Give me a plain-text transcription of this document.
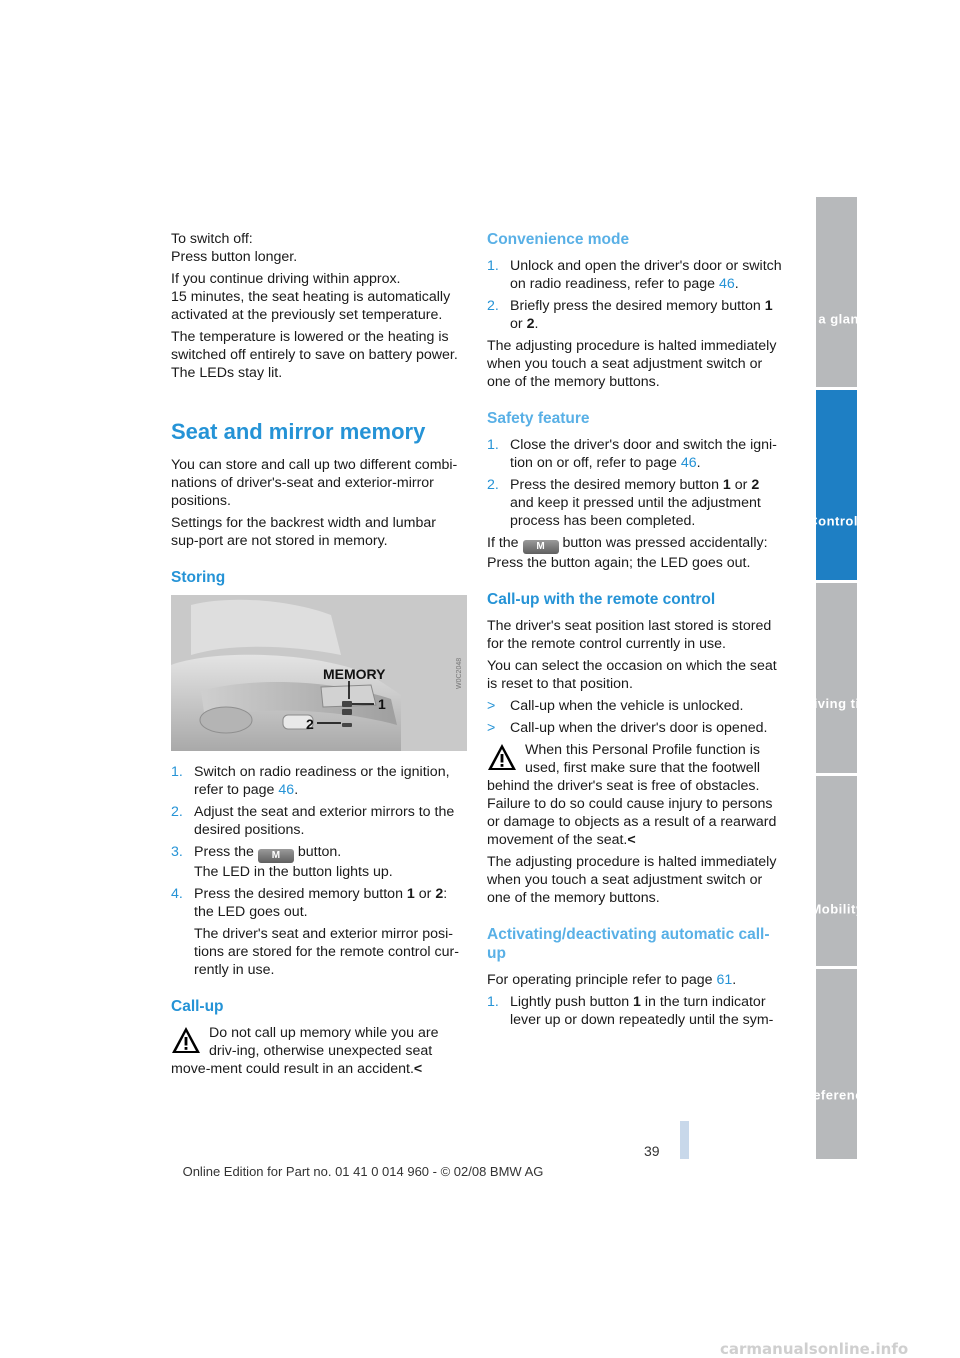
To switch off:

Press button longer.

If you continue driving within approx.
15 minutes, the seat heating is automatically activated at the previously set temperature.

The temperature is lowered or the heating is switched off entirely to save on battery power. The LEDs stay lit.

Seat and mirror memory

You can store and call up two different combi-nations of driver's-seat and exterior-mirror positions.

Settings for the backrest width and lumbar sup-port are not stored in memory.

Storing
MEMORY
1
2
W0C2048
1. Switch on radio readiness or the ignition, refer to page 46.
2. Adjust the seat and exterior mirrors to the desired positions.
3. Press the M button.
The LED in the button lights up.
4. Press the desired memory button 1 or 2: the LED goes out.
The driver's seat and exterior mirror posi-tions are stored for the remote control cur-rently in use.
Call-up
Do not call up memory while you are driv-ing, otherwise unexpected seat move-ment could result in an accident.<
Convenience mode
1. Unlock and open the driver's door or switch on radio readiness, refer to page 46.
2. Briefly press the desired memory button 1
or 2.

The adjusting procedure is halted immediately when you touch a seat adjustment switch or one of the memory buttons.

Safety feature
1. Close the driver's door and switch the igni-tion on or off, refer to page 46.
2. Press the desired memory button 1 or 2
and keep it pressed until the adjustment process has been completed.

If the M button was pressed accidentally: Press the button again; the LED goes out.

Call-up with the remote control

The driver's seat position last stored is stored for the remote control currently in use.

You can select the occasion on which the seat is reset to that position.

> Call-up when the vehicle is unlocked.
> Call-up when the driver's door is opened.
When this Personal Profile function is used, first make sure that the footwell behind the driver's seat is free of obstacles. Failure to do so could cause injury to persons or damage to objects as a result of a rearward movement of the seat.<

The adjusting procedure is halted immediately when you touch a seat adjustment switch or one of the memory buttons.

Activating/deactivating automatic call-up

For operating principle refer to page 61.

1. Lightly push button 1 in the turn indicator lever up or down repeatedly until the sym-
At a glance
Controls
Driving tips
Mobility
Reference
39
Online Edition for Part no. 01 41 0 014 960 - © 02/08 BMW AG
carmanualsonline.info
